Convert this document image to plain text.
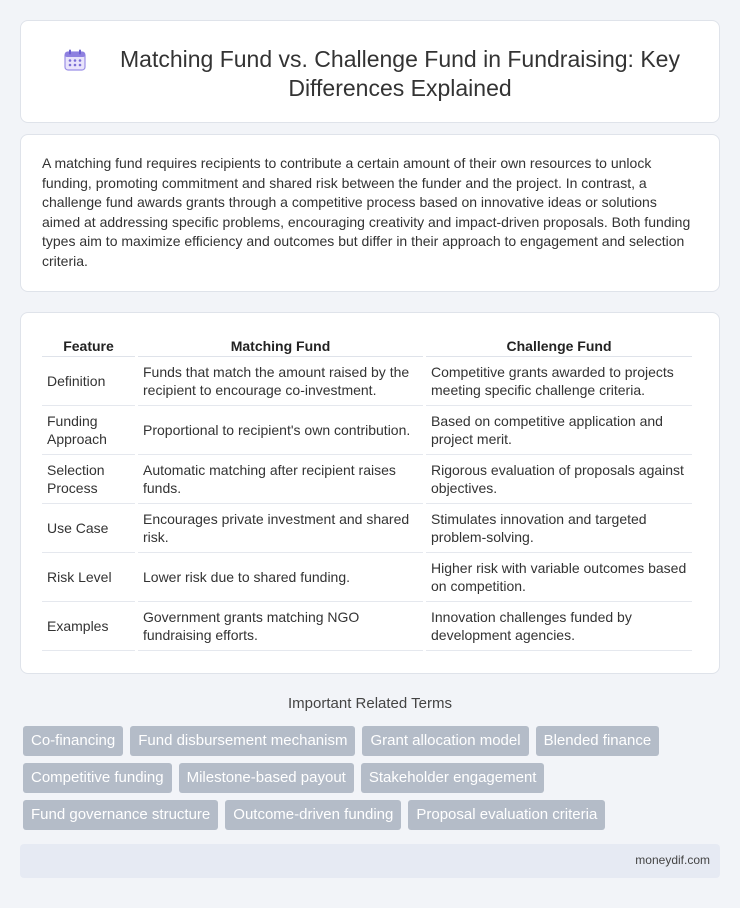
Matching Fund vs. Challenge Fund in Fundraising: Key Differences Explained

A matching fund requires recipients to contribute a certain amount of their own resources to unlock funding, promoting commitment and shared risk between the funder and the project. In contrast, a challenge fund awards grants through a competitive process based on innovative ideas or solutions aimed at addressing specific problems, encouraging creativity and impact-driven proposals. Both funding types aim to maximize efficiency and outcomes but differ in their approach to engagement and selection criteria.

Feature	Matching Fund	Challenge Fund
Definition	Funds that match the amount raised by the recipient to encourage co-investment.	Competitive grants awarded to projects meeting specific challenge criteria.
Funding Approach	Proportional to recipient's own contribution.	Based on competitive application and project merit.
Selection Process	Automatic matching after recipient raises funds.	Rigorous evaluation of proposals against objectives.
Use Case	Encourages private investment and shared risk.	Stimulates innovation and targeted problem-solving.
Risk Level	Lower risk due to shared funding.	Higher risk with variable outcomes based on competition.
Examples	Government grants matching NGO fundraising efforts.	Innovation challenges funded by development agencies.
Important Related Terms
Co-financing	Fund disbursement mechanism	Grant allocation model	Blended finance
Competitive funding	Milestone-based payout	Stakeholder engagement
Fund governance structure	Outcome-driven funding	Proposal evaluation criteria
moneydif.com
